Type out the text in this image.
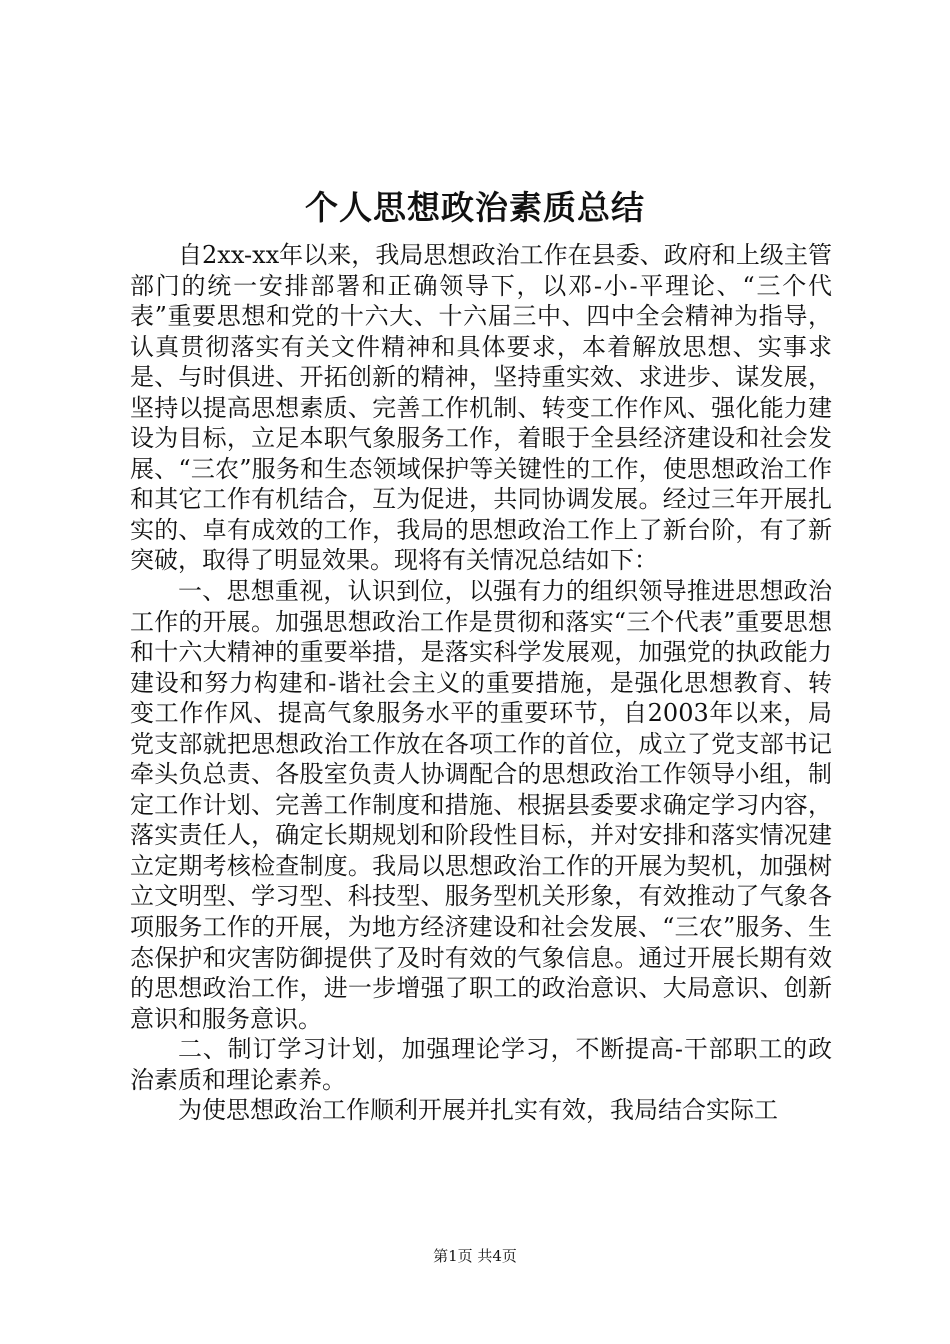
个人思想政治素质总结

自2xx-xx年以来，我局思想政治工作在县委、政府和上级主管部门的统一安排部署和正确领导下，以邓-小-平理论、“三个代表”重要思想和党的十六大、十六届三中、四中全会精神为指导，认真贯彻落实有关文件精神和具体要求，本着解放思想、实事求是、与时俱进、开拓创新的精神，坚持重实效、求进步、谋发展，坚持以提高思想素质、完善工作机制、转变工作作风、强化能力建设为目标，立足本职气象服务工作，着眼于全县经济建设和社会发展、“三农”服务和生态领域保护等关键性的工作，使思想政治工作和其它工作有机结合，互为促进，共同协调发展。经过三年开展扎实的、卓有成效的工作，我局的思想政治工作上了新台阶，有了新突破，取得了明显效果。现将有关情况总结如下：

一、思想重视，认识到位，以强有力的组织领导推进思想政治工作的开展。加强思想政治工作是贯彻和落实“三个代表”重要思想和十六大精神的重要举措，是落实科学发展观，加强党的执政能力建设和努力构建和-谐社会主义的重要措施，是强化思想教育、转变工作作风、提高气象服务水平的重要环节，自2003年以来，局党支部就把思想政治工作放在各项工作的首位，成立了党支部书记牵头负总责、各股室负责人协调配合的思想政治工作领导小组，制定工作计划、完善工作制度和措施、根据县委要求确定学习内容，落实责任人，确定长期规划和阶段性目标，并对安排和落实情况建立定期考核检查制度。我局以思想政治工作的开展为契机，加强树立文明型、学习型、科技型、服务型机关形象，有效推动了气象各项服务工作的开展，为地方经济建设和社会发展、“三农”服务、生态保护和灾害防御提供了及时有效的气象信息。通过开展长期有效的思想政治工作，进一步增强了职工的政治意识、大局意识、创新意识和服务意识。

二、制订学习计划，加强理论学习，不断提高-干部职工的政治素质和理论素养。

为使思想政治工作顺利开展并扎实有效，我局结合实际工

第1页 共4页
